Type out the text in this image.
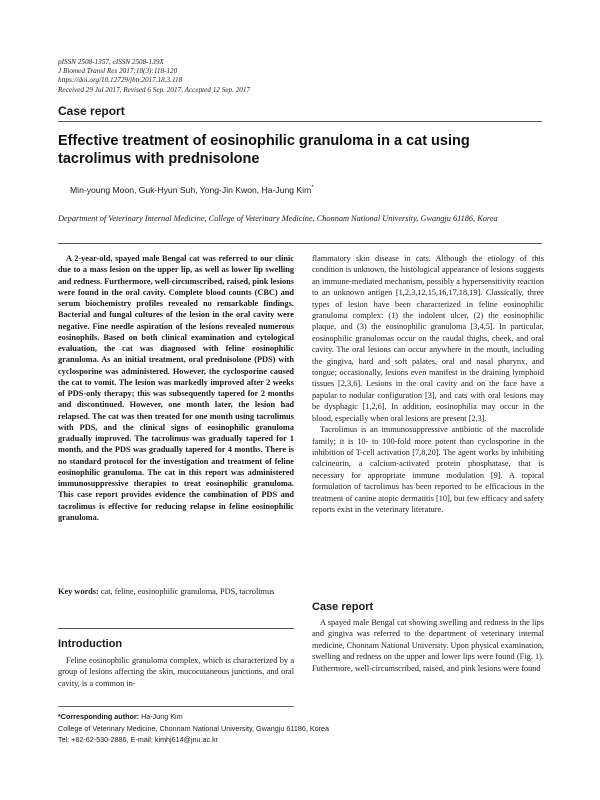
pISSN 2508-1357, eISSN 2508-139X
J Biomed Transl Res 2017;18(3):118-120
https://doi.org/10.12729/jbtr.2017.18.3.118
Received 29 Jul 2017, Revised 6 Sep. 2017, Accepted 12 Sep. 2017
Case report
Effective treatment of eosinophilic granuloma in a cat using tacrolimus with prednisolone
Min-young Moon, Guk-Hyun Suh, Yong-Jin Kwon, Ha-Jung Kim*
Department of Veterinary Internal Medicine, College of Veterinary Medicine, Chonnam National University, Gwangju 61186, Korea

A 2-year-old, spayed male Bengal cat was referred to our clinic due to a mass lesion on the upper lip, as well as lower lip swelling and redness. Furthermore, well-circumscribed, raised, pink lesions were found in the oral cavity. Complete blood counts (CBC) and serum biochemistry profiles revealed no remarkable findings. Bacterial and fungal cultures of the lesion in the oral cavity were negative. Fine needle aspiration of the lesions revealed numerous eosinophils. Based on both clinical examination and cytological evaluation, the cat was diagnosed with feline eosinophilic granuloma. As an initial treatment, oral prednisolone (PDS) with cyclosporine was administered. However, the cyclosporine caused the cat to vomit. The lesion was markedly improved after 2 weeks of PDS-only therapy; this was subsequently tapered for 2 months and discontinued. However, one month later, the lesion had relapsed. The cat was then treated for one month using tacrolimus with PDS, and the clinical signs of eosinophilic granuloma gradually improved. The tacrolimus was gradually tapered for 1 month, and the PDS was gradually tapered for 4 months. There is no standard protocol for the investigation and treatment of feline eosinophilic granuloma. The cat in this report was administered immunosuppressive therapies to treat eosinophilic granuloma. This case report provides evidence the combination of PDS and tacrolimus is effective for reducing relapse in feline eosinophilic granuloma.

Key words: cat, feline, eosinophilic granuloma, PDS, tacrolimus
Introduction

Feline eosinophilic granuloma complex, which is characterized by a group of lesions affecting the skin, mucocutaneous junctions, and oral cavity, is a common in-

flammatory skin disease in cats. Although the etiology of this condition is unknown, the histological appearance of lesions suggests an immune-mediated mechanism, possibly a hypersensitivity reaction to an unknown antigen [1,2,3,12,15,16,17,18,19]. Classically, three types of lesion have been characterized in feline eosinophilic granuloma complex: (1) the indolent ulcer, (2) the eosinophilic plaque, and (3) the eosinophilic granuloma [3,4,5]. In particular, eosinophilic granulomas occur on the caudal thighs, cheek, and oral cavity. The oral lesions can occur anywhere in the mouth, including the gingiva, hard and soft palates, oral and nasal pharynx, and tongue; occasionally, lesions even manifest in the draining lymphoid tissues [2,3,6]. Lesions in the oral cavity and on the face have a papular to nodular configuration [3], and cats with oral lesions may be dysphagic [1,2,6]. In addition, eosinophilia may occur in the blood, especially when oral lesions are present [2,3].

Tacrolimus is an immunosuppressive antibiotic of the macrolide family; it is 10- to 100-fold more potent than cyclosporine in the inhibition of T-cell activation [7,8,20]. The agent works by inhibiting calcineurin, a calcium-activated protein phosphatase, that is necessary for appropriate immune modulation [9]. A topical formulation of tacrolimus has been reported to be efficacious in the treatment of canine atopic dermatitis [10], but few efficacy and safety reports exist in the veterinary literature.

Case report

A spayed male Bengal cat showing swelling and redness in the lips and gingiva was referred to the department of veterinary internal medicine, Chonnam National University. Upon physical examination, swelling and redness on the upper and lower lips were found (Fig. 1). Futhermore, well-circumscribed, raised, and pink lesions were found

*Corresponding author: Ha-Jung Kim
College of Veterinary Medicine, Chonnam National University, Gwangju 61186, Korea
Tel: +82-62-530-2886, E-mail: kimhj614@jnu.ac.kr
